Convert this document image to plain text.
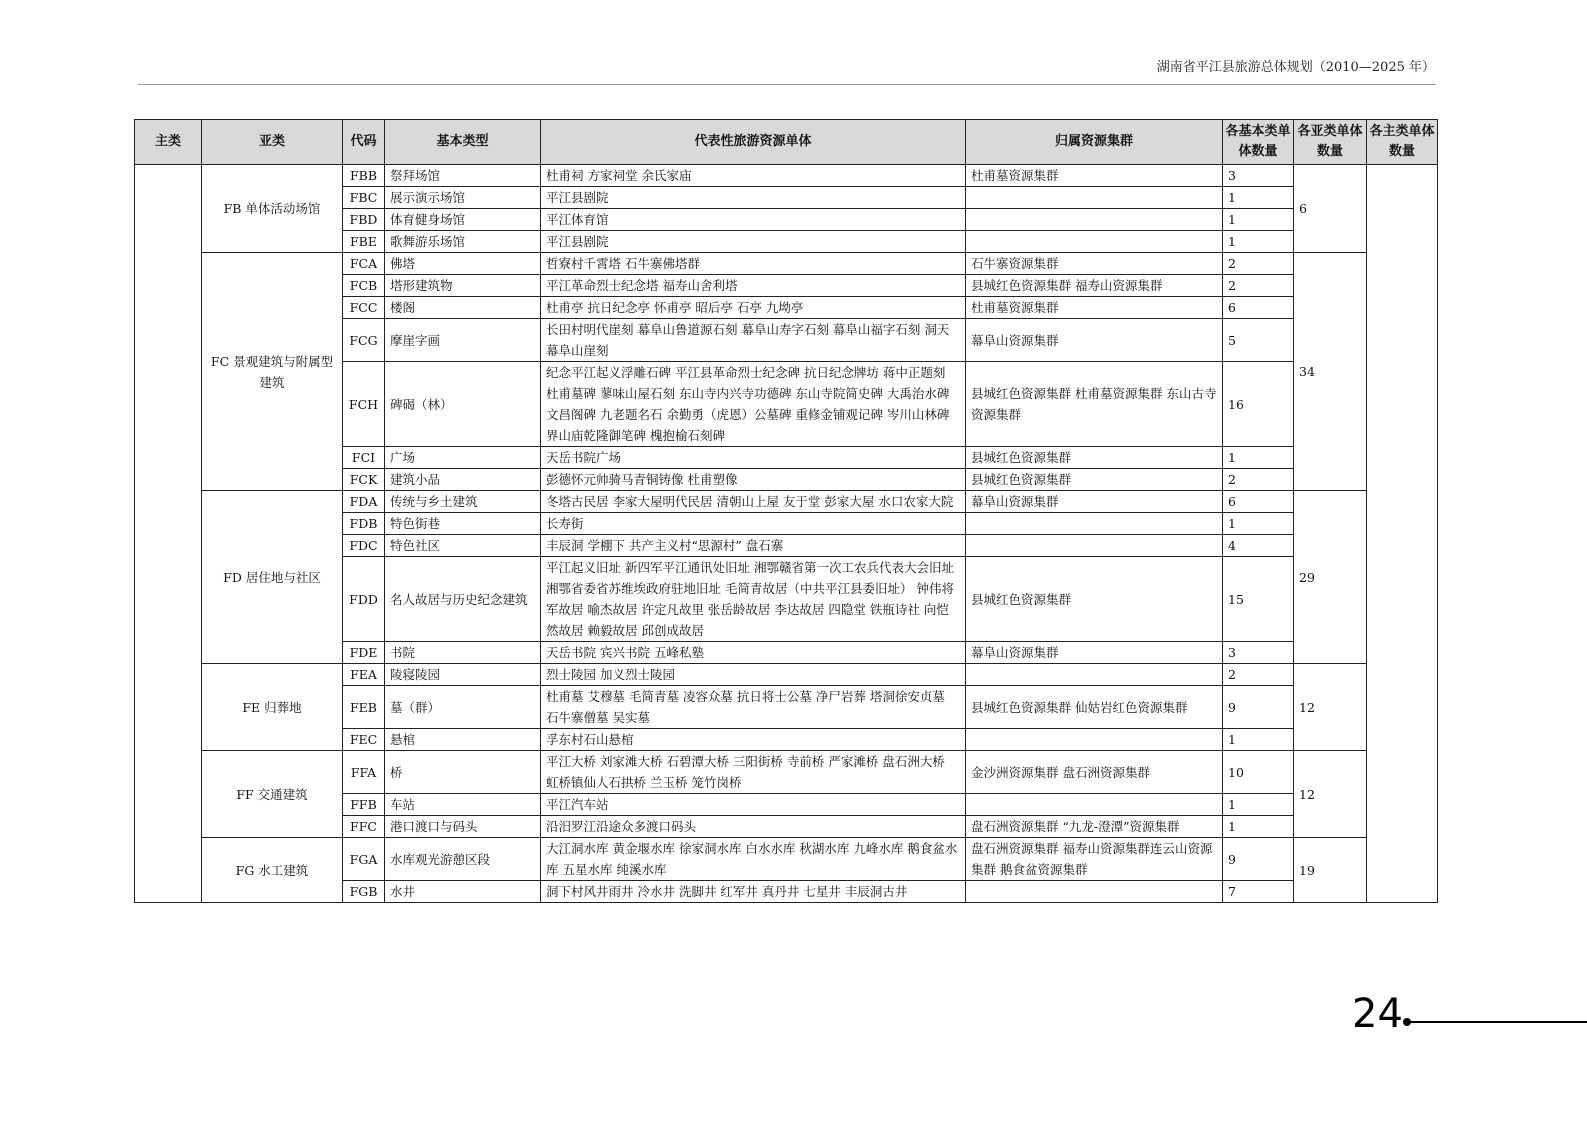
湖南省平江县旅游总体规划（2010—2025 年）
主类	亚类	代码	基本类型	代表性旅游资源单体	归属资源集群	各基本类单体数量	各亚类单体数量	各主类单体数量
	FB 单体活动场馆	FBB	祭拜场馆	杜甫祠 方家祠堂 余氏家庙	杜甫墓资源集群	3	6	
		FBC	展示演示场馆	平江县剧院		1		
		FBD	体育健身场馆	平江体育馆		1		
		FBE	歌舞游乐场馆	平江县剧院		1		
	FC 景观建筑与附属型建筑	FCA	佛塔	哲寮村千霄塔 石牛寨佛塔群	石牛寨资源集群	2	34	
		FCB	塔形建筑物	平江革命烈士纪念塔 福寿山舍利塔	县城红色资源集群 福寿山资源集群	2		
		FCC	楼阁	杜甫亭 抗日纪念亭 怀甫亭 昭后亭 石亭 九坳亭	杜甫墓资源集群	6		
		FCG	摩崖字画	长田村明代崖刻 幕阜山鲁道源石刻 幕阜山寿字石刻 幕阜山福字石刻 洞天幕阜山崖刻	幕阜山资源集群	5		
		FCH	碑碣（林）	纪念平江起义浮雕石碑 平江县革命烈士纪念碑 抗日纪念牌坊 蒋中正题刻 杜甫墓碑 蓼味山屋石刻 东山寺内兴寺功德碑 东山寺院简史碑 大禹治水碑 文昌阁碑 九老题名石 余勤勇（虎恩）公墓碑 重修金铺观记碑 岑川山林碑 界山庙乾隆御笔碑 槐抱榆石刻碑	县城红色资源集群 杜甫墓资源集群 东山古寺资源集群	16		
		FCI	广场	天岳书院广场	县城红色资源集群	1		
		FCK	建筑小品	彭德怀元帅骑马青铜铸像 杜甫塑像	县城红色资源集群	2		
	FD 居住地与社区	FDA	传统与乡土建筑	冬塔古民居 李家大屋明代民居 清朝山上屋 友于堂 彭家大屋 水口农家大院	幕阜山资源集群	6	29	
		FDB	特色街巷	长寿街		1		
		FDC	特色社区	丰辰洞 学棚下 共产主义村“思源村” 盘石寨		4		
		FDD	名人故居与历史纪念建筑	平江起义旧址 新四军平江通讯处旧址 湘鄂赣省第一次工农兵代表大会旧址 湘鄂省委省苏维埃政府驻地旧址 毛简青故居（中共平江县委旧址） 钟伟将军故居 喻杰故居 许定凡故里 张岳龄故居 李达故居 四隐堂 铁瓶诗社 向恺然故居 赖毅故居 邱创成故居	县城红色资源集群	15		
		FDE	书院	天岳书院 宾兴书院 五峰私塾	幕阜山资源集群	3		
	FE 归葬地	FEA	陵寝陵园	烈士陵园 加义烈士陵园		2	12	
		FEB	墓（群）	杜甫墓 艾穆墓 毛简青墓 凌容众墓 抗日将士公墓 净尸岩葬 塔洞徐安贞墓 石牛寨僧墓 吴实墓	县城红色资源集群 仙姑岩红色资源集群	9		
		FEC	悬棺	孚东村石山悬棺		1		
	FF 交通建筑	FFA	桥	平江大桥 刘家滩大桥 石碧潭大桥 三阳街桥 寺前桥 严家滩桥 盘石洲大桥 虹桥镇仙人石拱桥 兰玉桥 笼竹岗桥	金沙洲资源集群 盘石洲资源集群	10	12	
		FFB	车站	平江汽车站		1		
		FFC	港口渡口与码头	沿汨罗江沿途众多渡口码头	盘石洲资源集群 “九龙-澄潭”资源集群	1		
	FG 水工建筑	FGA	水库观光游憩区段	大江洞水库 黄金堰水库 徐家洞水库 白水水库 秋湖水库 九峰水库 鹅食盆水库 五星水库 纯溪水库	盘石洲资源集群 福寿山资源集群连云山资源集群 鹅食盆资源集群	9	19	
		FGB	水井	洞下村风井雨井 冷水井 洗脚井 红军井 真丹井 七星井 丰辰洞古井		7		
24
